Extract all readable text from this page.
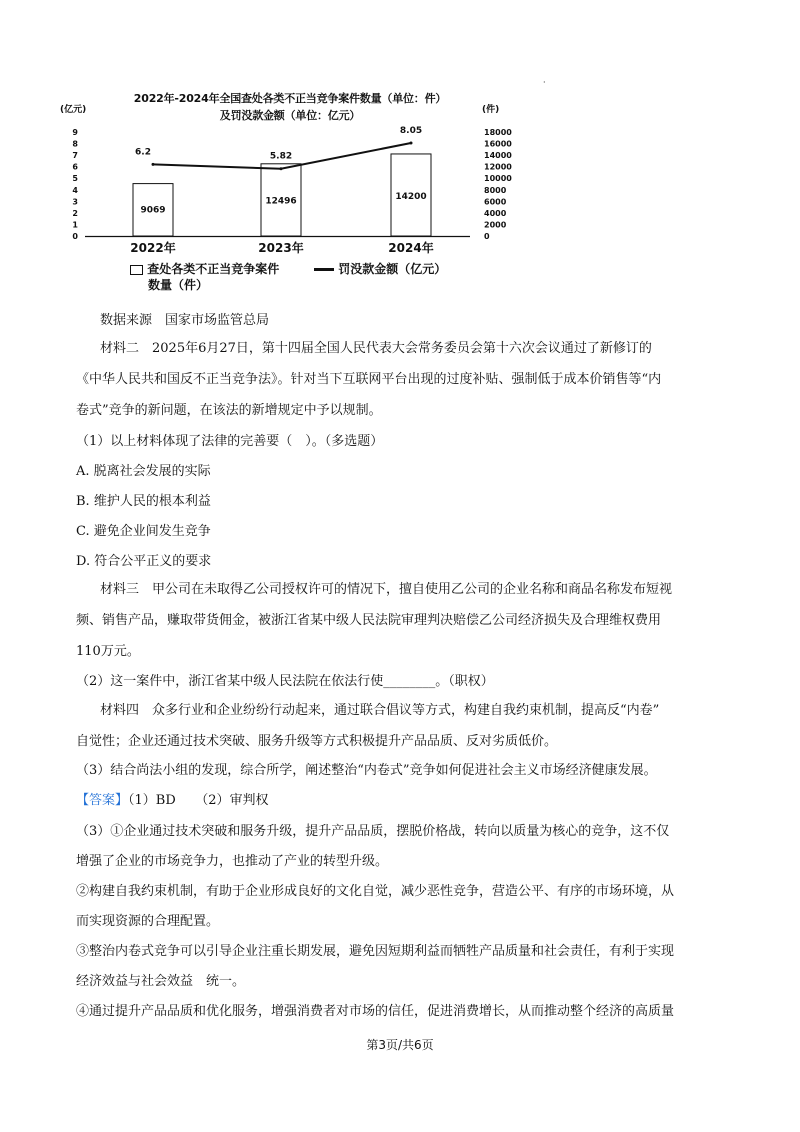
2022年-2024年全国查处各类不正当竞争案件数量（单位：件）
及罚没款金额（单位：亿元）
(亿元)	(件)
0
1
2
3
4
5
6
7
8
9
0
2000
4000
6000
8000
10000
12000
14000
16000
18000
9069
12496	14200
6.2	5.82
8.05
2022年	2023年	2024年
查处各类不正当竞争案件
数量（件）
罚没款金额（亿元）
·
数据来源　国家市场监管总局
材料二　2025年6月27日，第十四届全国人民代表大会常务委员会第十六次会议通过了新修订的
《中华人民共和国反不正当竞争法》。针对当下互联网平台出现的过度补贴、强制低于成本价销售等“内
卷式”竞争的新问题，在该法的新增规定中予以规制。
（1）以上材料体现了法律的完善要（　）。（多选题）
A. 脱离社会发展的实际
B. 维护人民的根本利益
C. 避免企业间发生竞争
D. 符合公平正义的要求
材料三　甲公司在未取得乙公司授权许可的情况下，擅自使用乙公司的企业名称和商品名称发布短视
频、销售产品，赚取带货佣金，被浙江省某中级人民法院审理判决赔偿乙公司经济损失及合理维权费用
110万元。
（2）这一案件中，浙江省某中级人民法院在依法行使________。（职权）
材料四　众多行业和企业纷纷行动起来，通过联合倡议等方式，构建自我约束机制，提高反“内卷”
自觉性；企业还通过技术突破、服务升级等方式积极提升产品品质、反对劣质低价。
（3）结合尚法小组的发现，综合所学，阐述整治“内卷式”竞争如何促进社会主义市场经济健康发展。
【答案】（1）BD　　（2）审判权
（3）①企业通过技术突破和服务升级，提升产品品质，摆脱价格战，转向以质量为核心的竞争，这不仅
增强了企业的市场竞争力，也推动了产业的转型升级。
②构建自我约束机制，有助于企业形成良好的文化自觉，减少恶性竞争，营造公平、有序的市场环境，从
而实现资源的合理配置。
③整治内卷式竞争可以引导企业注重长期发展，避免因短期利益而牺牲产品质量和社会责任，有利于实现
经济效益与社会效益　统一。
④通过提升产品品质和优化服务，增强消费者对市场的信任，促进消费增长，从而推动整个经济的高质量
第3页/共6页
